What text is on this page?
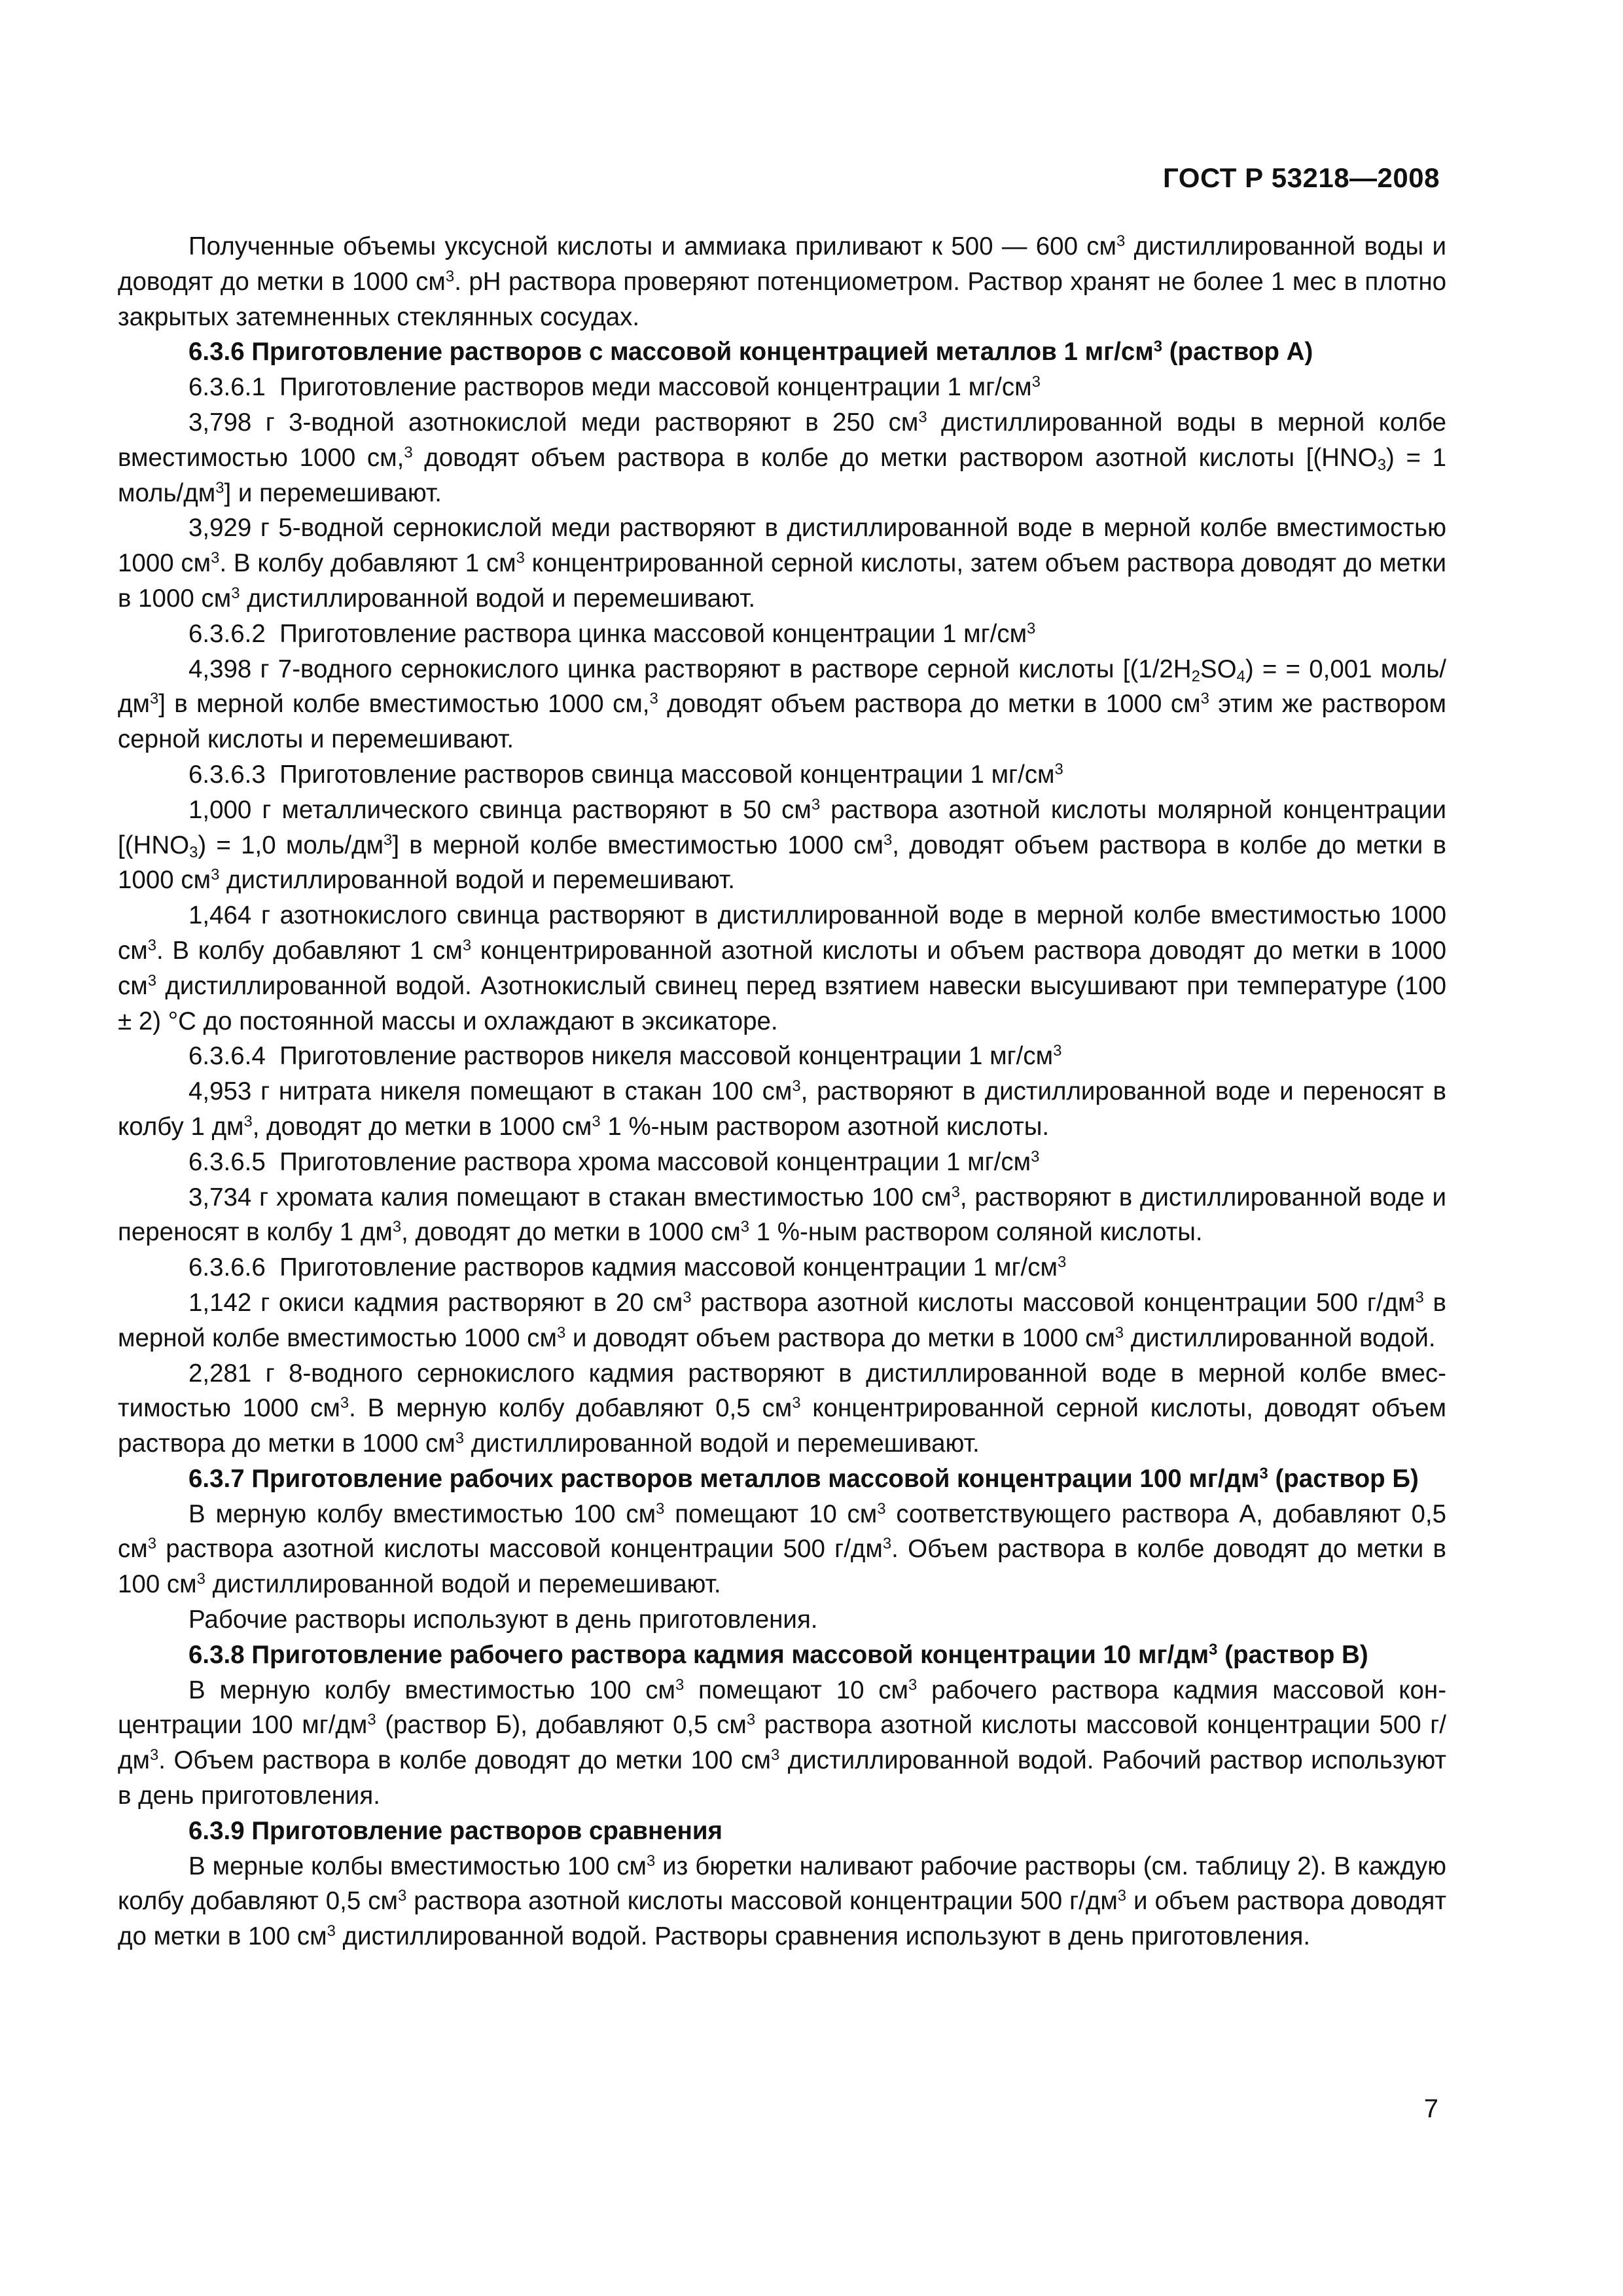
ГОСТ Р 53218—2008

Полученные объемы уксусной кислоты и аммиака приливают к 500 — 600 $см^3$ дистиллированной воды и доводят до метки в 1000 $см^3$. рН раствора проверяют потенциометром. Раствор хранят не более 1 мес в плотно закрытых затемненных стеклянных сосудах.

6.3.6 Приготовление растворов с массовой концентрацией металлов 1 $мг/см^3$ (раствор А)

6.3.6.1  Приготовление растворов меди массовой концентрации 1 $мг/см^3$

3,798 г 3-водной азотнокислой меди растворяют в 250 $см^3$ дистиллированной воды в мерной колбе вместимостью 1000 см,$^3$ доводят объем раствора в колбе до метки раствором азотной кислоты [$(HNO_3) = 1$ моль/$дм^3$] и перемешивают.

3,929 г 5-водной сернокислой меди растворяют в дистиллированной воде в мерной колбе вместимостью 1000 $см^3$. В колбу добавляют 1 $см^3$ концентрированной серной кислоты, затем объем раствора доводят до метки в 1000 $см^3$ дистиллированной водой и перемешивают.

6.3.6.2  Приготовление раствора цинка массовой концентрации 1 $мг/см^3$

4,398 г 7-водного сернокислого цинка растворяют в растворе серной кислоты [$(1/2H_2SO_4)$ = = 0,001 моль/$дм^3$] в мерной колбе вместимостью 1000 см,$^3$ доводят объем раствора до метки в 1000 $см^3$ этим же раствором серной кислоты и перемешивают.

6.3.6.3  Приготовление растворов свинца массовой концентрации 1 $мг/см^3$

1,000 г металлического свинца растворяют в 50 $см^3$ раствора азотной кислоты молярной концентрации [$(HNO_3) = 1,0$ моль/$дм^3$] в мерной колбе вместимостью 1000 $см^3$, доводят объем раствора в колбе до метки в 1000 $см^3$ дистиллированной водой и перемешивают.

1,464 г азотнокислого свинца растворяют в дистиллированной воде в мерной колбе вместимостью 1000 $см^3$. В колбу добавляют 1 $см^3$ концентрированной азотной кислоты и объем раствора доводят до метки в 1000 $см^3$ дистиллированной водой. Азотнокислый свинец перед взятием навески высушивают при температуре (100 ± 2) °С до постоянной массы и охлаждают в эксикаторе.

6.3.6.4  Приготовление растворов никеля массовой концентрации 1 $мг/см^3$

4,953 г нитрата никеля помещают в стакан 100 $см^3$, растворяют в дистиллированной воде и переносят в колбу 1 $дм^3$, доводят до метки в 1000 $см^3$ 1 %-ным раствором азотной кислоты.

6.3.6.5  Приготовление раствора хрома массовой концентрации 1 $мг/см^3$

3,734 г хромата калия помещают в стакан вместимостью 100 $см^3$, растворяют в дистиллированной воде и переносят в колбу 1 $дм^3$, доводят до метки в 1000 $см^3$ 1 %-ным раствором соляной кислоты.

6.3.6.6  Приготовление растворов кадмия массовой концентрации 1 $мг/см^3$

1,142 г окиси кадмия растворяют в 20 $см^3$ раствора азотной кислоты массовой концентрации 500 $г/дм^3$ в мерной колбе вместимостью 1000 $см^3$ и доводят объем раствора до метки в 1000 $см^3$ дистиллированной водой.

2,281 г 8-водного сернокислого кадмия растворяют в дистиллированной воде в мерной колбе вместимостью 1000 $см^3$. В мерную колбу добавляют 0,5 $см^3$ концентрированной серной кислоты, доводят объем раствора до метки в 1000 $см^3$ дистиллированной водой и перемешивают.

6.3.7 Приготовление рабочих растворов металлов массовой концентрации 100 $мг/дм^3$ (раствор Б)

В мерную колбу вместимостью 100 $см^3$ помещают 10 $см^3$ соответствующего раствора А, добавляют 0,5 $см^3$ раствора азотной кислоты массовой концентрации 500 $г/дм^3$. Объем раствора в колбе доводят до метки в 100 $см^3$ дистиллированной водой и перемешивают.

Рабочие растворы используют в день приготовления.

6.3.8 Приготовление рабочего раствора кадмия массовой концентрации 10 $мг/дм^3$ (раствор В)

В мерную колбу вместимостью 100 $см^3$ помещают 10 $см^3$ рабочего раствора кадмия массовой концентрации 100 $мг/дм^3$ (раствор Б), добавляют 0,5 $см^3$ раствора азотной кислоты массовой концентрации 500 $г/дм^3$. Объем раствора в колбе доводят до метки 100 $см^3$ дистиллированной водой. Рабочий раствор используют в день приготовления.

6.3.9 Приготовление растворов сравнения

В мерные колбы вместимостью 100 $см^3$ из бюретки наливают рабочие растворы (см. таблицу 2). В каждую колбу добавляют 0,5 $см^3$ раствора азотной кислоты массовой концентрации 500 $г/дм^3$ и объем раствора доводят до метки в 100 $см^3$ дистиллированной водой. Растворы сравнения используют в день приготовления.

7
